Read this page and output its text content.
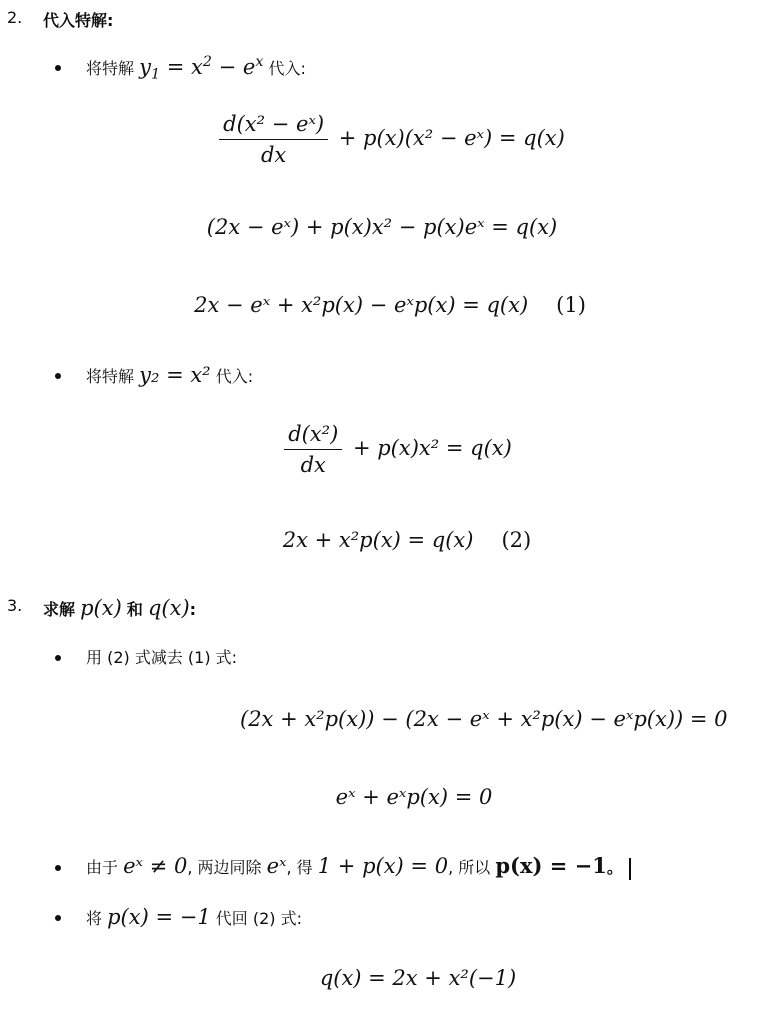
2. 代入特解:
将特解 $y_1 = x^2 - e^x$ 代入:
$\frac{\text{d(x² − eˣ)}}{dx} + p(x)(x^2$ − eˣ) = q(x)
(2x − eˣ) + p(x)x² − p(x)eˣ = q(x)
2x − eˣ + x²p(x) − eˣp(x) = q(x) (1)
将特解 y₂ = x² 代入:
$\frac{\text{d(x²)}}{dx} + p(x)x^2 = q(x)$
2x + x²p(x) = q(x) (2)
3. 求解 p(x) 和 q(x):
用 (2) 式减去 (1) 式:
(2x + x²p(x)) − (2x − eˣ + x²p(x) − eˣp(x)) = 0
eˣ + eˣp(x) = 0
由于 eˣ ≠ 0, 两边同除 eˣ, 得 1 + p(x) = 0, 所以 p(x) = −1。
将 p(x) = −1 代回 (2) 式:
q(x) = 2x + x²(−1)
